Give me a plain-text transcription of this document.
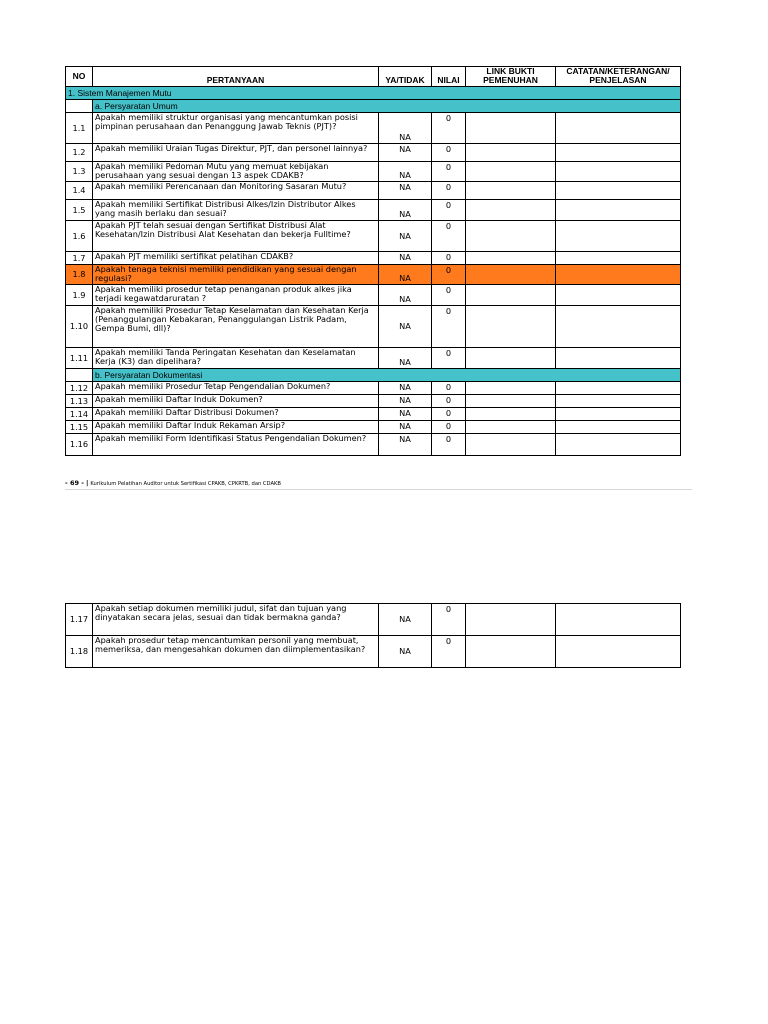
NO	PERTANYAAN	YA/TIDAK	NILAI	LINK BUKTI PEMENUHAN	CATATAN/KETERANGAN/ PENJELASAN
1. Sistem Manajemen Mutu					
	a. Persyaratan Umum				
1.1	Apakah memiliki struktur organisasi yang mencantumkan posisi pimpinan perusahaan dan Penanggung Jawab Teknis (PJT)?	NA	0		
1.2	Apakah memiliki Uraian Tugas Direktur, PJT, dan personel lainnya?	NA	0		
1.3	Apakah memiliki Pedoman Mutu yang memuat kebijakan perusahaan yang sesuai dengan 13 aspek CDAKB?	NA	0		
1.4	Apakah memiliki Perencanaan dan Monitoring Sasaran Mutu?	NA	0		
1.5	Apakah memiliki Sertifikat Distribusi Alkes/Izin Distributor Alkes yang masih berlaku dan sesuai?	NA	0		
1.6	Apakah PJT telah sesuai dengan Sertifikat Distribusi Alat Kesehatan/Izin Distribusi Alat Kesehatan dan bekerja Fulltime?	NA	0		
1.7	Apakah PJT memiliki sertifikat pelatihan CDAKB?	NA	0		
1.8	Apakah tenaga teknisi memiliki pendidikan yang sesuai dengan regulasi?	NA	0		
1.9	Apakah memiliki prosedur tetap penanganan produk alkes jika terjadi kegawatdaruratan ?	NA	0		
1.10	Apakah memiliki Prosedur Tetap Keselamatan dan Kesehatan Kerja (Penanggulangan Kebakaran, Penanggulangan Listrik Padam, Gempa Bumi, dll)?	NA	0		
1.11	Apakah memiliki Tanda Peringatan Kesehatan dan Keselamatan Kerja (K3) dan dipelihara?	NA	0		
	b. Persyaratan Dokumentasi				
1.12	Apakah memiliki Prosedur Tetap Pengendalian Dokumen?	NA	0		
1.13	Apakah memiliki Daftar Induk Dokumen?	NA	0		
1.14	Apakah memiliki Daftar Distribusi Dokumen?	NA	0		
1.15	Apakah memiliki Daftar Induk Rekaman Arsip?	NA	0		
1.16	Apakah memiliki Form Identifikasi Status Pengendalian Dokumen?	NA	0		
- 69 - | Kurikulum Pelatihan Auditor untuk Sertifikasi CPAKB, CPKRTB, dan CDAKB
1.17	Apakah setiap dokumen memiliki judul, sifat dan tujuan yang dinyatakan secara jelas, sesuai dan tidak bermakna ganda?	NA	0		
1.18	Apakah prosedur tetap mencantumkan personil yang membuat, memeriksa, dan mengesahkan dokumen dan diimplementasikan?	NA	0		
